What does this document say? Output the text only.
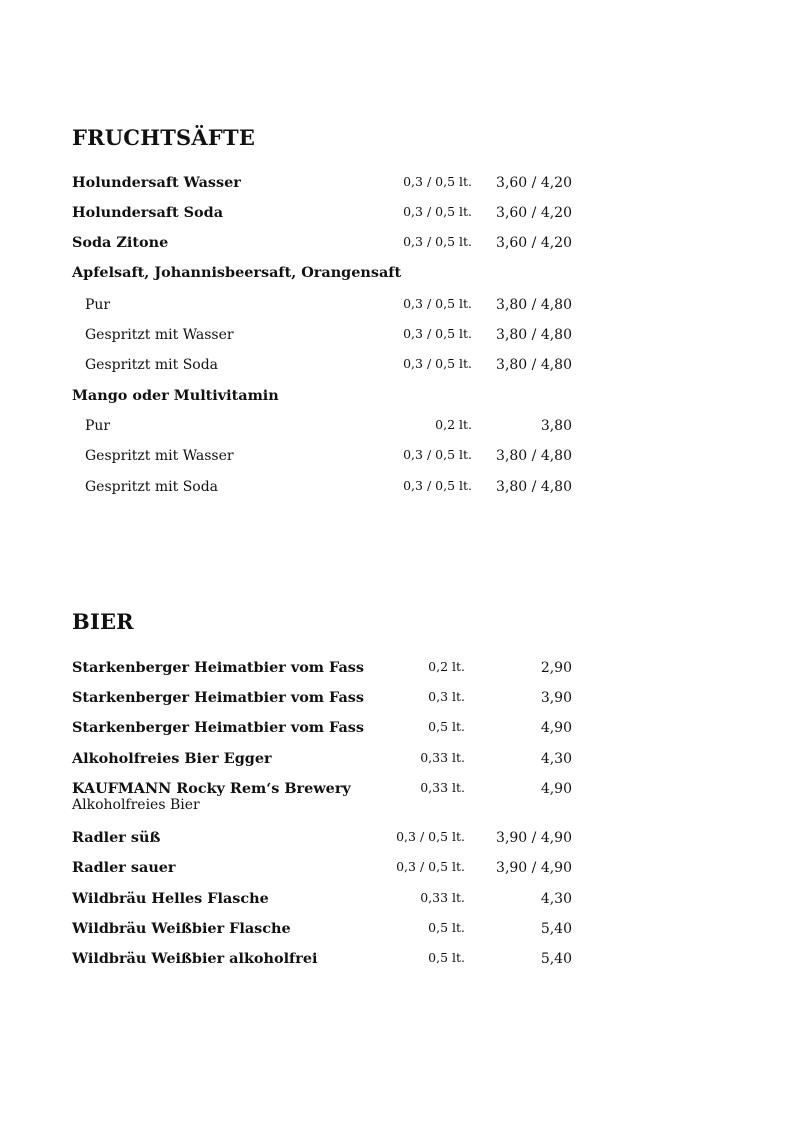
FRUCHTSÄFTE
Holundersaft Wasser	0,3 / 0,5 lt. 3,60 / 4,20
Holundersaft Soda	0,3 / 0,5 lt. 3,60 / 4,20
Soda Zitone	0,3 / 0,5 lt. 3,60 / 4,20
Apfelsaft, Johannisbeersaft, Orangensaft
Pur	0,3 / 0,5 lt. 3,80 / 4,80
Gespritzt mit Wasser	0,3 / 0,5 lt. 3,80 / 4,80
Gespritzt mit Soda	0,3 / 0,5 lt. 3,80 / 4,80
Mango oder Multivitamin
Pur	0,2 lt.	3,80
Gespritzt mit Wasser	0,3 / 0,5 lt. 3,80 / 4,80
Gespritzt mit Soda	0,3 / 0,5 lt. 3,80 / 4,80
BIER
Starkenberger Heimatbier vom Fass	0,2 lt.	2,90
Starkenberger Heimatbier vom Fass	0,3 lt.	3,90
Starkenberger Heimatbier vom Fass	0,5 lt.	4,90
Alkoholfreies Bier Egger	0,33 lt.	4,30
KAUFMANN Rocky Rem‘s Brewery
Alkoholfreies Bier
0,33 lt.	4,90
Radler süß	0,3 / 0,5 lt. 3,90 / 4,90
Radler sauer	0,3 / 0,5 lt. 3,90 / 4,90
Wildbräu Helles Flasche	0,33 lt.	4,30
Wildbräu Weißbier Flasche	0,5 lt.	5,40
Wildbräu Weißbier alkoholfrei	0,5 lt.	5,40
